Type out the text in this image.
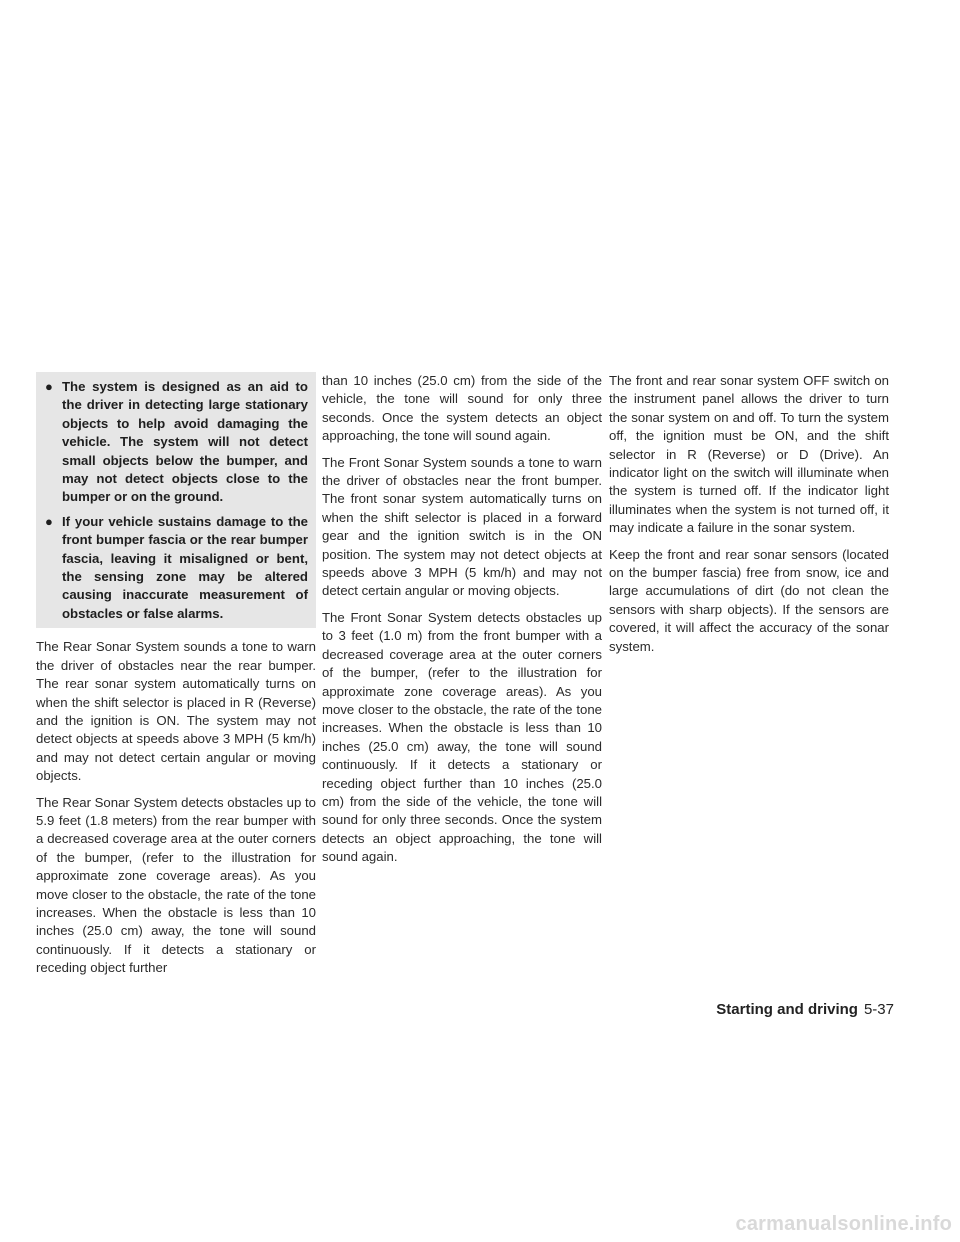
● The system is designed as an aid to the driver in detecting large stationary objects to help avoid damaging the vehicle. The system will not detect small objects below the bumper, and may not detect objects close to the bumper or on the ground.
● If your vehicle sustains damage to the front bumper fascia or the rear bumper fascia, leaving it misaligned or bent, the sensing zone may be altered causing inaccurate measurement of obstacles or false alarms.

The Rear Sonar System sounds a tone to warn the driver of obstacles near the rear bumper. The rear sonar system automatically turns on when the shift selector is placed in R (Reverse) and the ignition is ON. The system may not detect objects at speeds above 3 MPH (5 km/h) and may not detect certain angular or moving objects.

The Rear Sonar System detects obstacles up to 5.9 feet (1.8 meters) from the rear bumper with a decreased coverage area at the outer corners of the bumper, (refer to the illustration for approximate zone coverage areas). As you move closer to the obstacle, the rate of the tone increases. When the obstacle is less than 10 inches (25.0 cm) away, the tone will sound continuously. If it detects a stationary or receding object further

than 10 inches (25.0 cm) from the side of the vehicle, the tone will sound for only three seconds. Once the system detects an object approaching, the tone will sound again.

The Front Sonar System sounds a tone to warn the driver of obstacles near the front bumper. The front sonar system automatically turns on when the shift selector is placed in a forward gear and the ignition switch is in the ON position. The system may not detect objects at speeds above 3 MPH (5 km/h) and may not detect certain angular or moving objects.

The Front Sonar System detects obstacles up to 3 feet (1.0 m) from the front bumper with a decreased coverage area at the outer corners of the bumper, (refer to the illustration for approximate zone coverage areas). As you move closer to the obstacle, the rate of the tone increases. When the obstacle is less than 10 inches (25.0 cm) away, the tone will sound continuously. If it detects a stationary or receding object further than 10 inches (25.0 cm) from the side of the vehicle, the tone will sound for only three seconds. Once the system detects an object approaching, the tone will sound again.

The front and rear sonar system OFF switch on the instrument panel allows the driver to turn the sonar system on and off. To turn the system off, the ignition must be ON, and the shift selector in R (Reverse) or D (Drive). An indicator light on the switch will illuminate when the system is turned off. If the indicator light illuminates when the system is not turned off, it may indicate a failure in the sonar system.

Keep the front and rear sonar sensors (located on the bumper fascia) free from snow, ice and large accumulations of dirt (do not clean the sensors with sharp objects). If the sensors are covered, it will affect the accuracy of the sonar system.

Starting and driving 5-37
carmanualsonline.info
